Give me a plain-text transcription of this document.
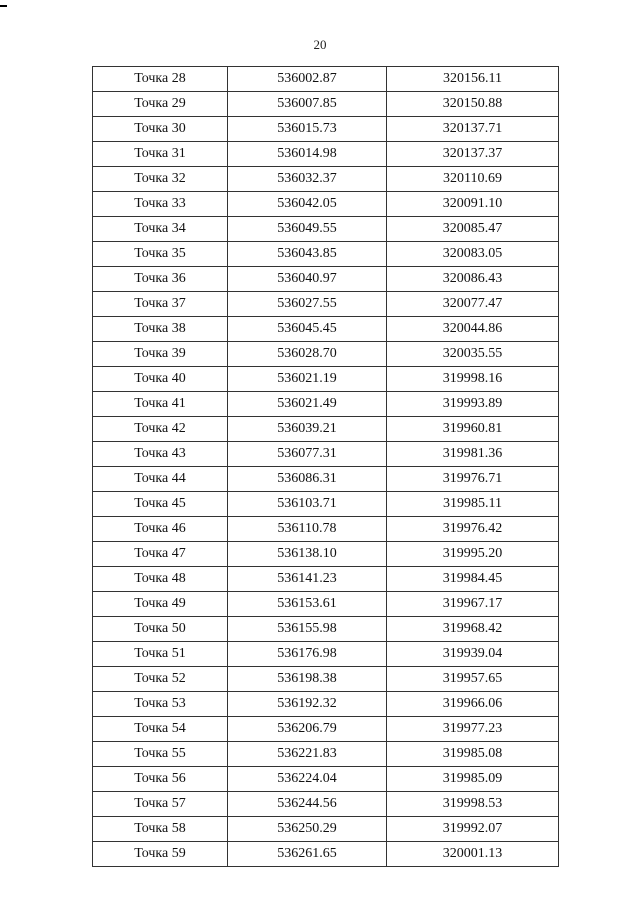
20
Точка 28	536002.87	320156.11
Точка 29	536007.85	320150.88
Точка 30	536015.73	320137.71
Точка 31	536014.98	320137.37
Точка 32	536032.37	320110.69
Точка 33	536042.05	320091.10
Точка 34	536049.55	320085.47
Точка 35	536043.85	320083.05
Точка 36	536040.97	320086.43
Точка 37	536027.55	320077.47
Точка 38	536045.45	320044.86
Точка 39	536028.70	320035.55
Точка 40	536021.19	319998.16
Точка 41	536021.49	319993.89
Точка 42	536039.21	319960.81
Точка 43	536077.31	319981.36
Точка 44	536086.31	319976.71
Точка 45	536103.71	319985.11
Точка 46	536110.78	319976.42
Точка 47	536138.10	319995.20
Точка 48	536141.23	319984.45
Точка 49	536153.61	319967.17
Точка 50	536155.98	319968.42
Точка 51	536176.98	319939.04
Точка 52	536198.38	319957.65
Точка 53	536192.32	319966.06
Точка 54	536206.79	319977.23
Точка 55	536221.83	319985.08
Точка 56	536224.04	319985.09
Точка 57	536244.56	319998.53
Точка 58	536250.29	319992.07
Точка 59	536261.65	320001.13
